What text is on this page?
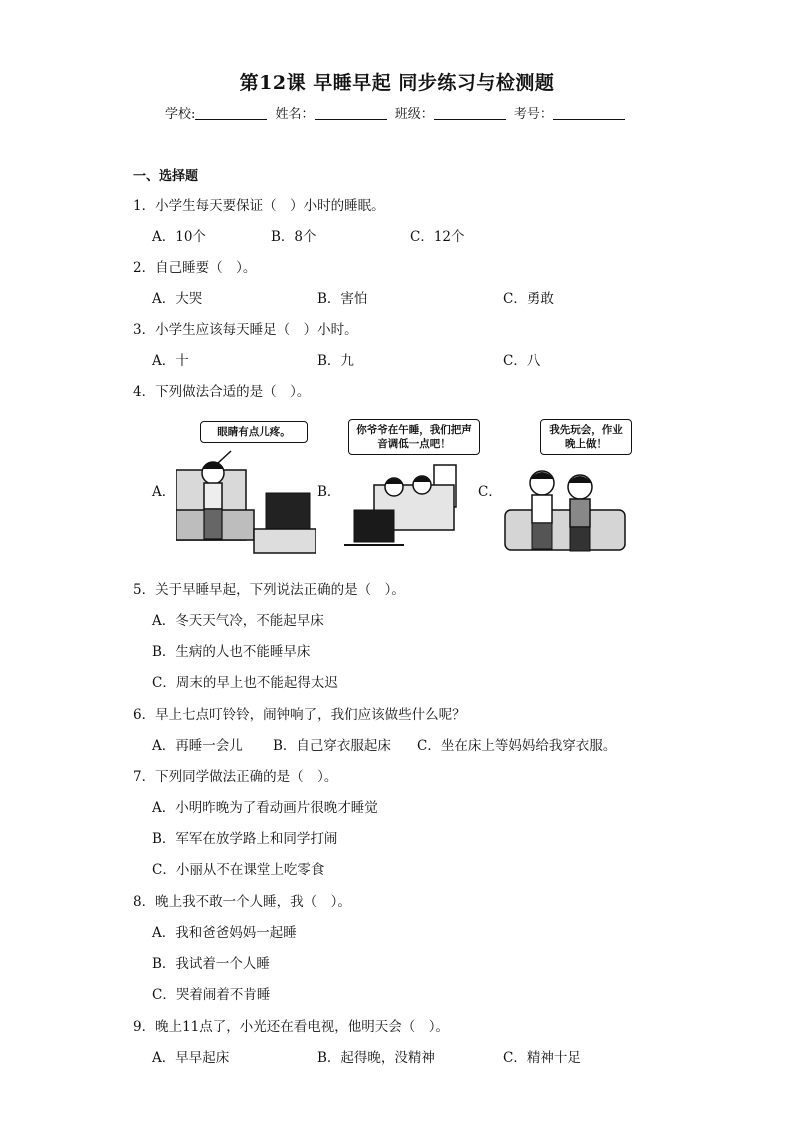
第12课 早睡早起 同步练习与检测题
学校:	姓名：	班级：	考号：
一、选择题
1．小学生每天要保证（　）小时的睡眠。
A．10个	B．8个	C．12个
2．自己睡要（　）。
A．大哭	B．害怕	C．勇敢
3．小学生应该每天睡足（　）小时。
A．十	B．九	C．八
4．下列做法合适的是（　）。
A．	B．	C．
眼睛有点儿疼。	你爷爷在午睡，我们把声音调低一点吧！
我先玩会，作业晚上做！
5．关于早睡早起，下列说法正确的是（　）。
A．冬天天气冷，不能起早床
B．生病的人也不能睡早床
C．周末的早上也不能起得太迟
6．早上七点叮铃铃，闹钟响了，我们应该做些什么呢？
A．再睡一会儿 B．自己穿衣服起床 C．坐在床上等妈妈给我穿衣服。
7．下列同学做法正确的是（　）。
A．小明昨晚为了看动画片很晚才睡觉
B．军军在放学路上和同学打闹
C．小丽从不在课堂上吃零食
8．晚上我不敢一个人睡，我（　）。
A．我和爸爸妈妈一起睡
B．我试着一个人睡
C．哭着闹着不肯睡
9．晚上11点了，小光还在看电视，他明天会（　）。
A．早早起床	B．起得晚，没精神	C．精神十足
